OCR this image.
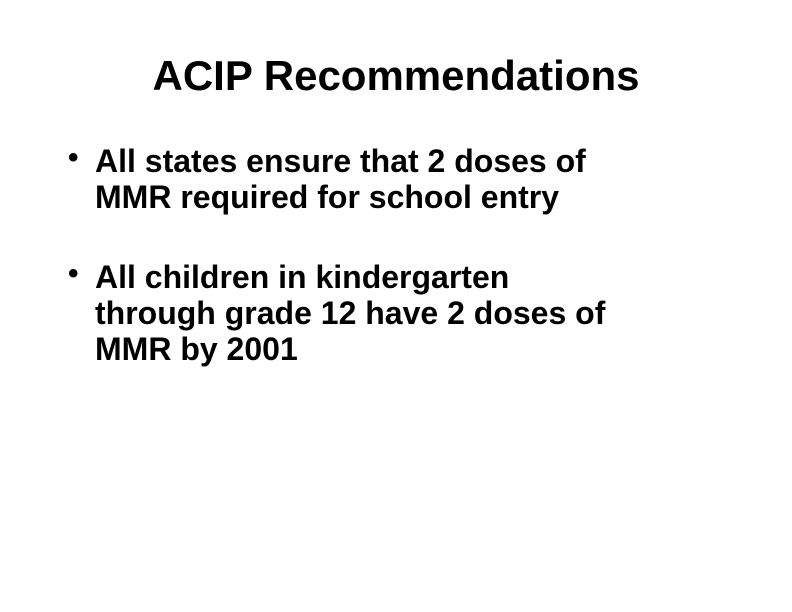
ACIP Recommendations
• All states ensure that 2 doses of
MMR required for school entry
• All children in kindergarten
through grade 12 have 2 doses of
MMR by 2001
